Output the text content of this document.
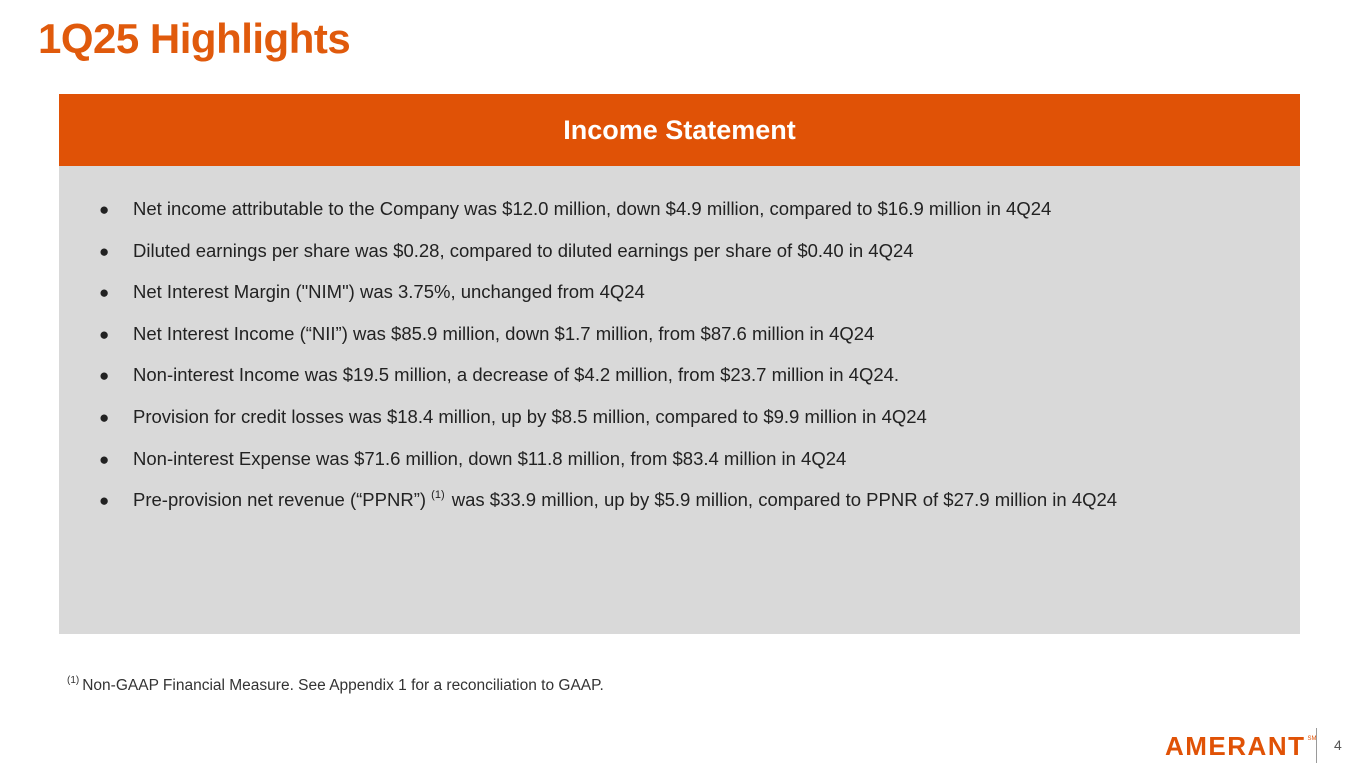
1Q25 Highlights
Income Statement
●	Net income attributable to the Company was $12.0 million, down $4.9 million, compared to $16.9 million in 4Q24
●	Diluted earnings per share was $0.28, compared to diluted earnings per share of $0.40 in 4Q24
●	Net Interest Margin ("NIM") was 3.75%, unchanged from 4Q24
●	Net Interest Income (“NII”) was $85.9 million, down $1.7 million, from $87.6 million in 4Q24
●	Non-interest Income was $19.5 million, a decrease of $4.2 million, from $23.7 million in 4Q24.
●	Provision for credit losses was $18.4 million, up by $8.5 million, compared to $9.9 million in 4Q24
●	Non-interest Expense was $71.6 million, down $11.8 million, from $83.4 million in 4Q24
●	Pre-provision net revenue (“PPNR”) $^{(1)}$ was $33.9 million, up by $5.9 million, compared to PPNR of $27.9 million in 4Q24
$^{(1)}$ Non-GAAP Financial Measure. See Appendix 1 for a reconciliation to GAAP.
AMERANT SM 4
